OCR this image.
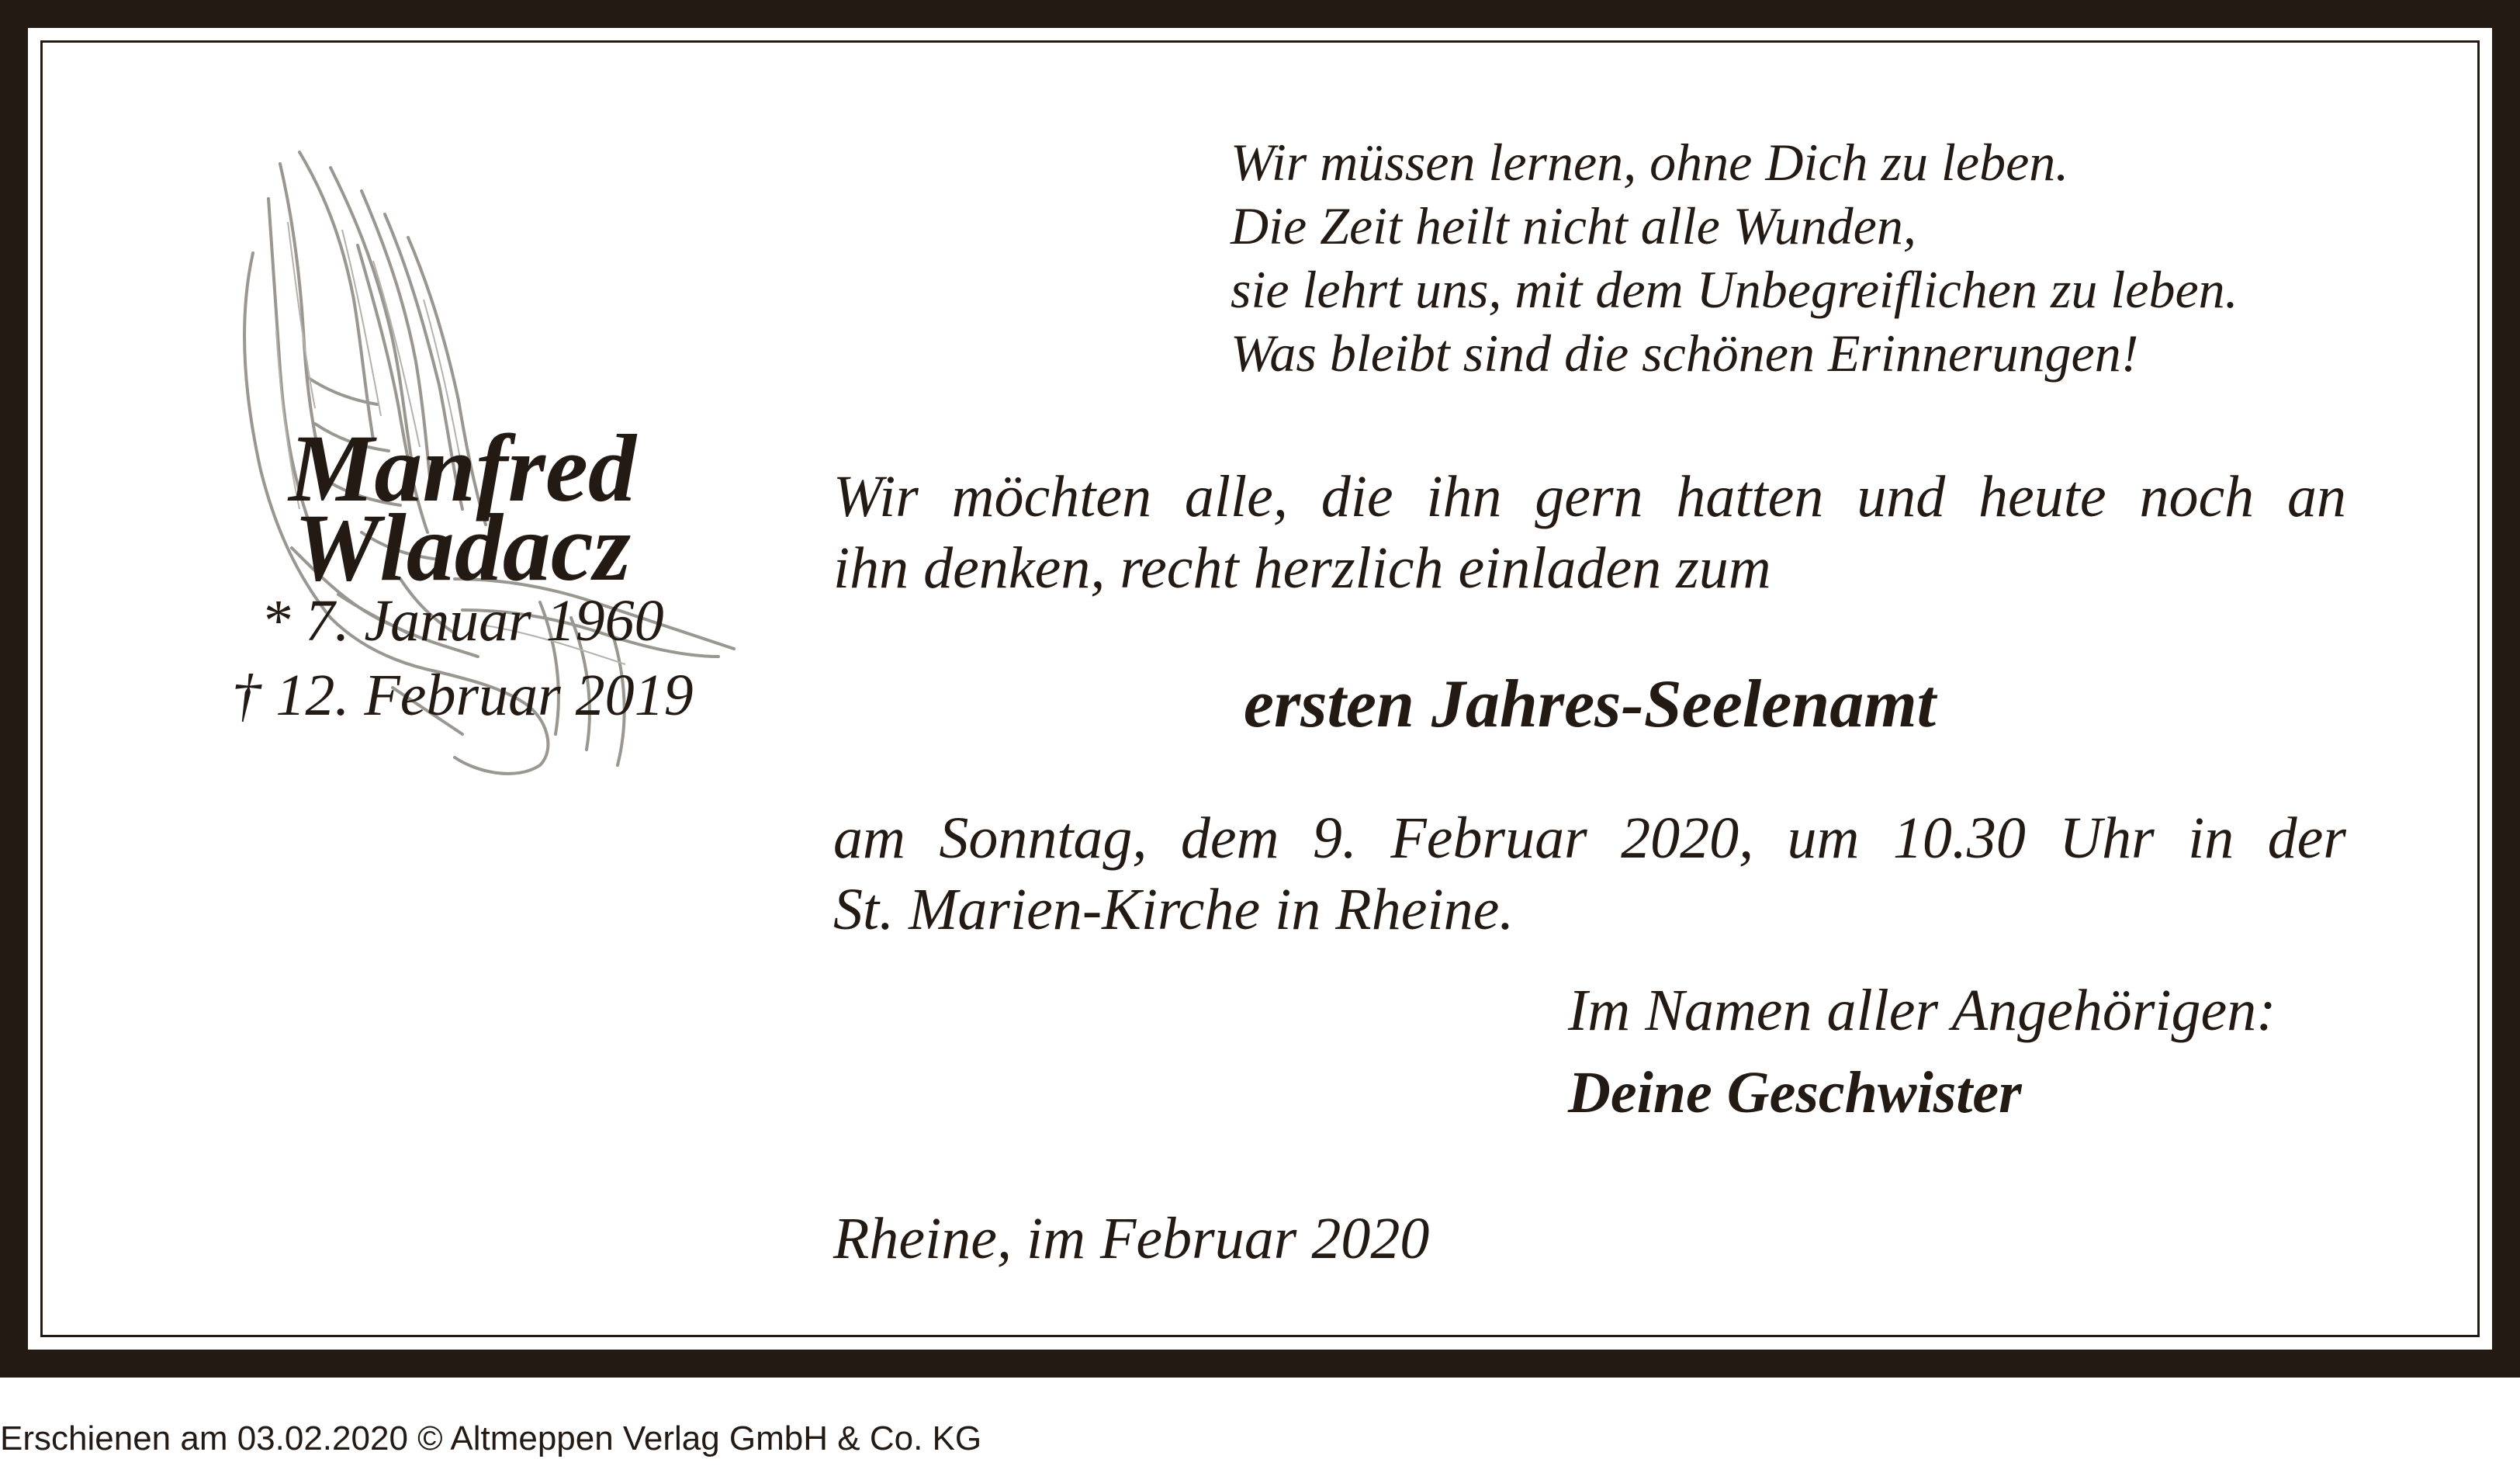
Manfred
Wladacz
* 7. Januar 1960
† 12. Februar 2019
Wir müssen lernen, ohne Dich zu leben.
Die Zeit heilt nicht alle Wunden,
sie lehrt uns, mit dem Unbegreiflichen zu leben.
Was bleibt sind die schönen Erinnerungen!
Wir möchten alle, die ihn gern hatten und heute noch an
ihn denken, recht herzlich einladen zum
ersten Jahres-Seelenamt
am Sonntag, dem 9. Februar 2020, um 10.30 Uhr in der
St. Marien-Kirche in Rheine.
Im Namen aller Angehörigen:
Deine Geschwister
Rheine, im Februar 2020
Erschienen am 03.02.2020 © Altmeppen Verlag GmbH & Co. KG
